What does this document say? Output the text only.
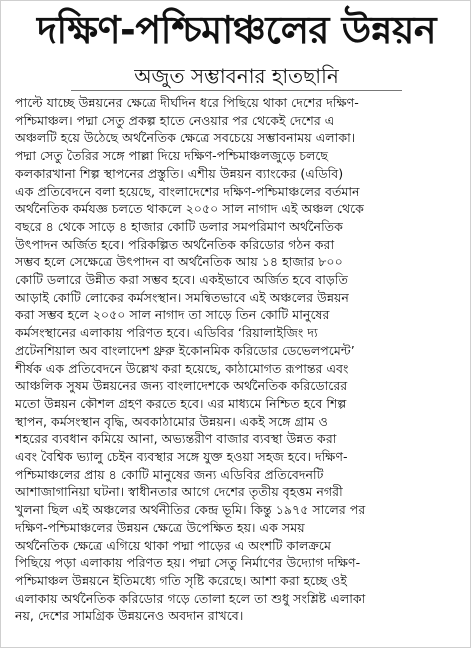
দক্ষিণ-পশ্চিমাঞ্চলের উন্নয়ন
অজুত সম্ভাবনার হাতছানি
পাল্টে যাচ্ছে উন্নয়নের ক্ষেত্রে দীর্ঘদিন ধরে পিছিয়ে থাকা দেশের দক্ষিণ-
পশ্চিমাঞ্চল। পদ্মা সেতু প্রকল্প হাতে নেওয়ার পর থেকেই দেশের এ
অঞ্চলটি হয়ে উঠেছে অর্থনৈতিক ক্ষেত্রে সবচেয়ে সম্ভাবনাময় এলাকা।
পদ্মা সেতু তৈরির সঙ্গে পাল্লা দিয়ে দক্ষিণ-পশ্চিমাঞ্চলজুড়ে চলছে
কলকারখানা শিল্প স্থাপনের প্রস্তুতি। এশীয় উন্নয়ন ব্যাংকের (এডিবি)
এক প্রতিবেদনে বলা হয়েছে, বাংলাদেশের দক্ষিণ-পশ্চিমাঞ্চলের বর্তমান
অর্থনৈতিক কর্মযজ্ঞ চলতে থাকলে ২০৫০ সাল নাগাদ এই অঞ্চল থেকে
বছরে ৪ থেকে সাড়ে ৪ হাজার কোটি ডলার সমপরিমাণ অর্থনৈতিক
উৎপাদন অর্জিত হবে। পরিকল্পিত অর্থনৈতিক করিডোর গঠন করা
সম্ভব হলে সেক্ষেত্রে উৎপাদন বা অর্থনৈতিক আয় ১৪ হাজার ৮০০
কোটি ডলারে উন্নীত করা সম্ভব হবে। একইভাবে অর্জিত হবে বাড়তি
আড়াই কোটি লোকের কর্মসংস্থান। সমন্বিতভাবে এই অঞ্চলের উন্নয়ন
করা সম্ভব হলে ২০৫০ সাল নাগাদ তা সাড়ে তিন কোটি মানুষের
কর্মসংস্থানের এলাকায় পরিণত হবে। এডিবির ‘রিয়ালাইজিং দ্য
প্রটেনশিয়াল অব বাংলাদেশ থ্রুরু ইকোনমিক করিডোর ডেভেলপমেন্ট’
শীর্ষক এক প্রতিবেদনে উল্লেখ করা হয়েছে, কাঠামোগত রূপান্তর এবং
আঞ্চলিক সুষম উন্নয়নের জন্য বাংলাদেশকে অর্থনৈতিক করিডোরের
মতো উন্নয়ন কৌশল গ্রহণ করতে হবে। এর মাধ্যমে নিশ্চিত হবে শিল্প
স্থাপন, কর্মসংস্থান বৃদ্ধি, অবকাঠামোর উন্নয়ন। একই সঙ্গে গ্রাম ও
শহরের ব্যবধান কমিয়ে আনা, অভ্যন্তরীণ বাজার ব্যবস্থা উন্নত করা
এবং বৈশ্বিক ভ্যালু চেইন ব্যবস্থার সঙ্গে যুক্ত হওয়া সহজ হবে। দক্ষিণ-
পশ্চিমাঞ্চলের প্রায় ৪ কোটি মানুষের জন্য এডিবির প্রতিবেদনটি
আশাজাগানিয়া ঘটনা। স্বাধীনতার আগে দেশের তৃতীয় বৃহত্তম নগরী
খুলনা ছিল এই অঞ্চলের অর্থনীতির কেন্দ্র ভূমি। কিন্তু ১৯৭৫ সালের পর
দক্ষিণ-পশ্চিমাঞ্চলের উন্নয়ন ক্ষেত্রে উপেক্ষিত হয়। এক সময়
অর্থনৈতিক ক্ষেত্রে এগিয়ে থাকা পদ্মা পাড়ের এ অংশটি কালক্রমে
পিছিয়ে পড়া এলাকায় পরিণত হয়। পদ্মা সেতু নির্মাণের উদ্যোগ দক্ষিণ-
পশ্চিমাঞ্চল উন্নয়নে ইতিমধ্যে গতি সৃষ্টি করেছে। আশা করা হচ্ছে ওই
এলাকায় অর্থনৈতিক করিডোর গড়ে তোলা হলে তা শুধু সংশ্লিষ্ট এলাকা
নয়, দেশের সামগ্রিক উন্নয়নেও অবদান রাখবে।
